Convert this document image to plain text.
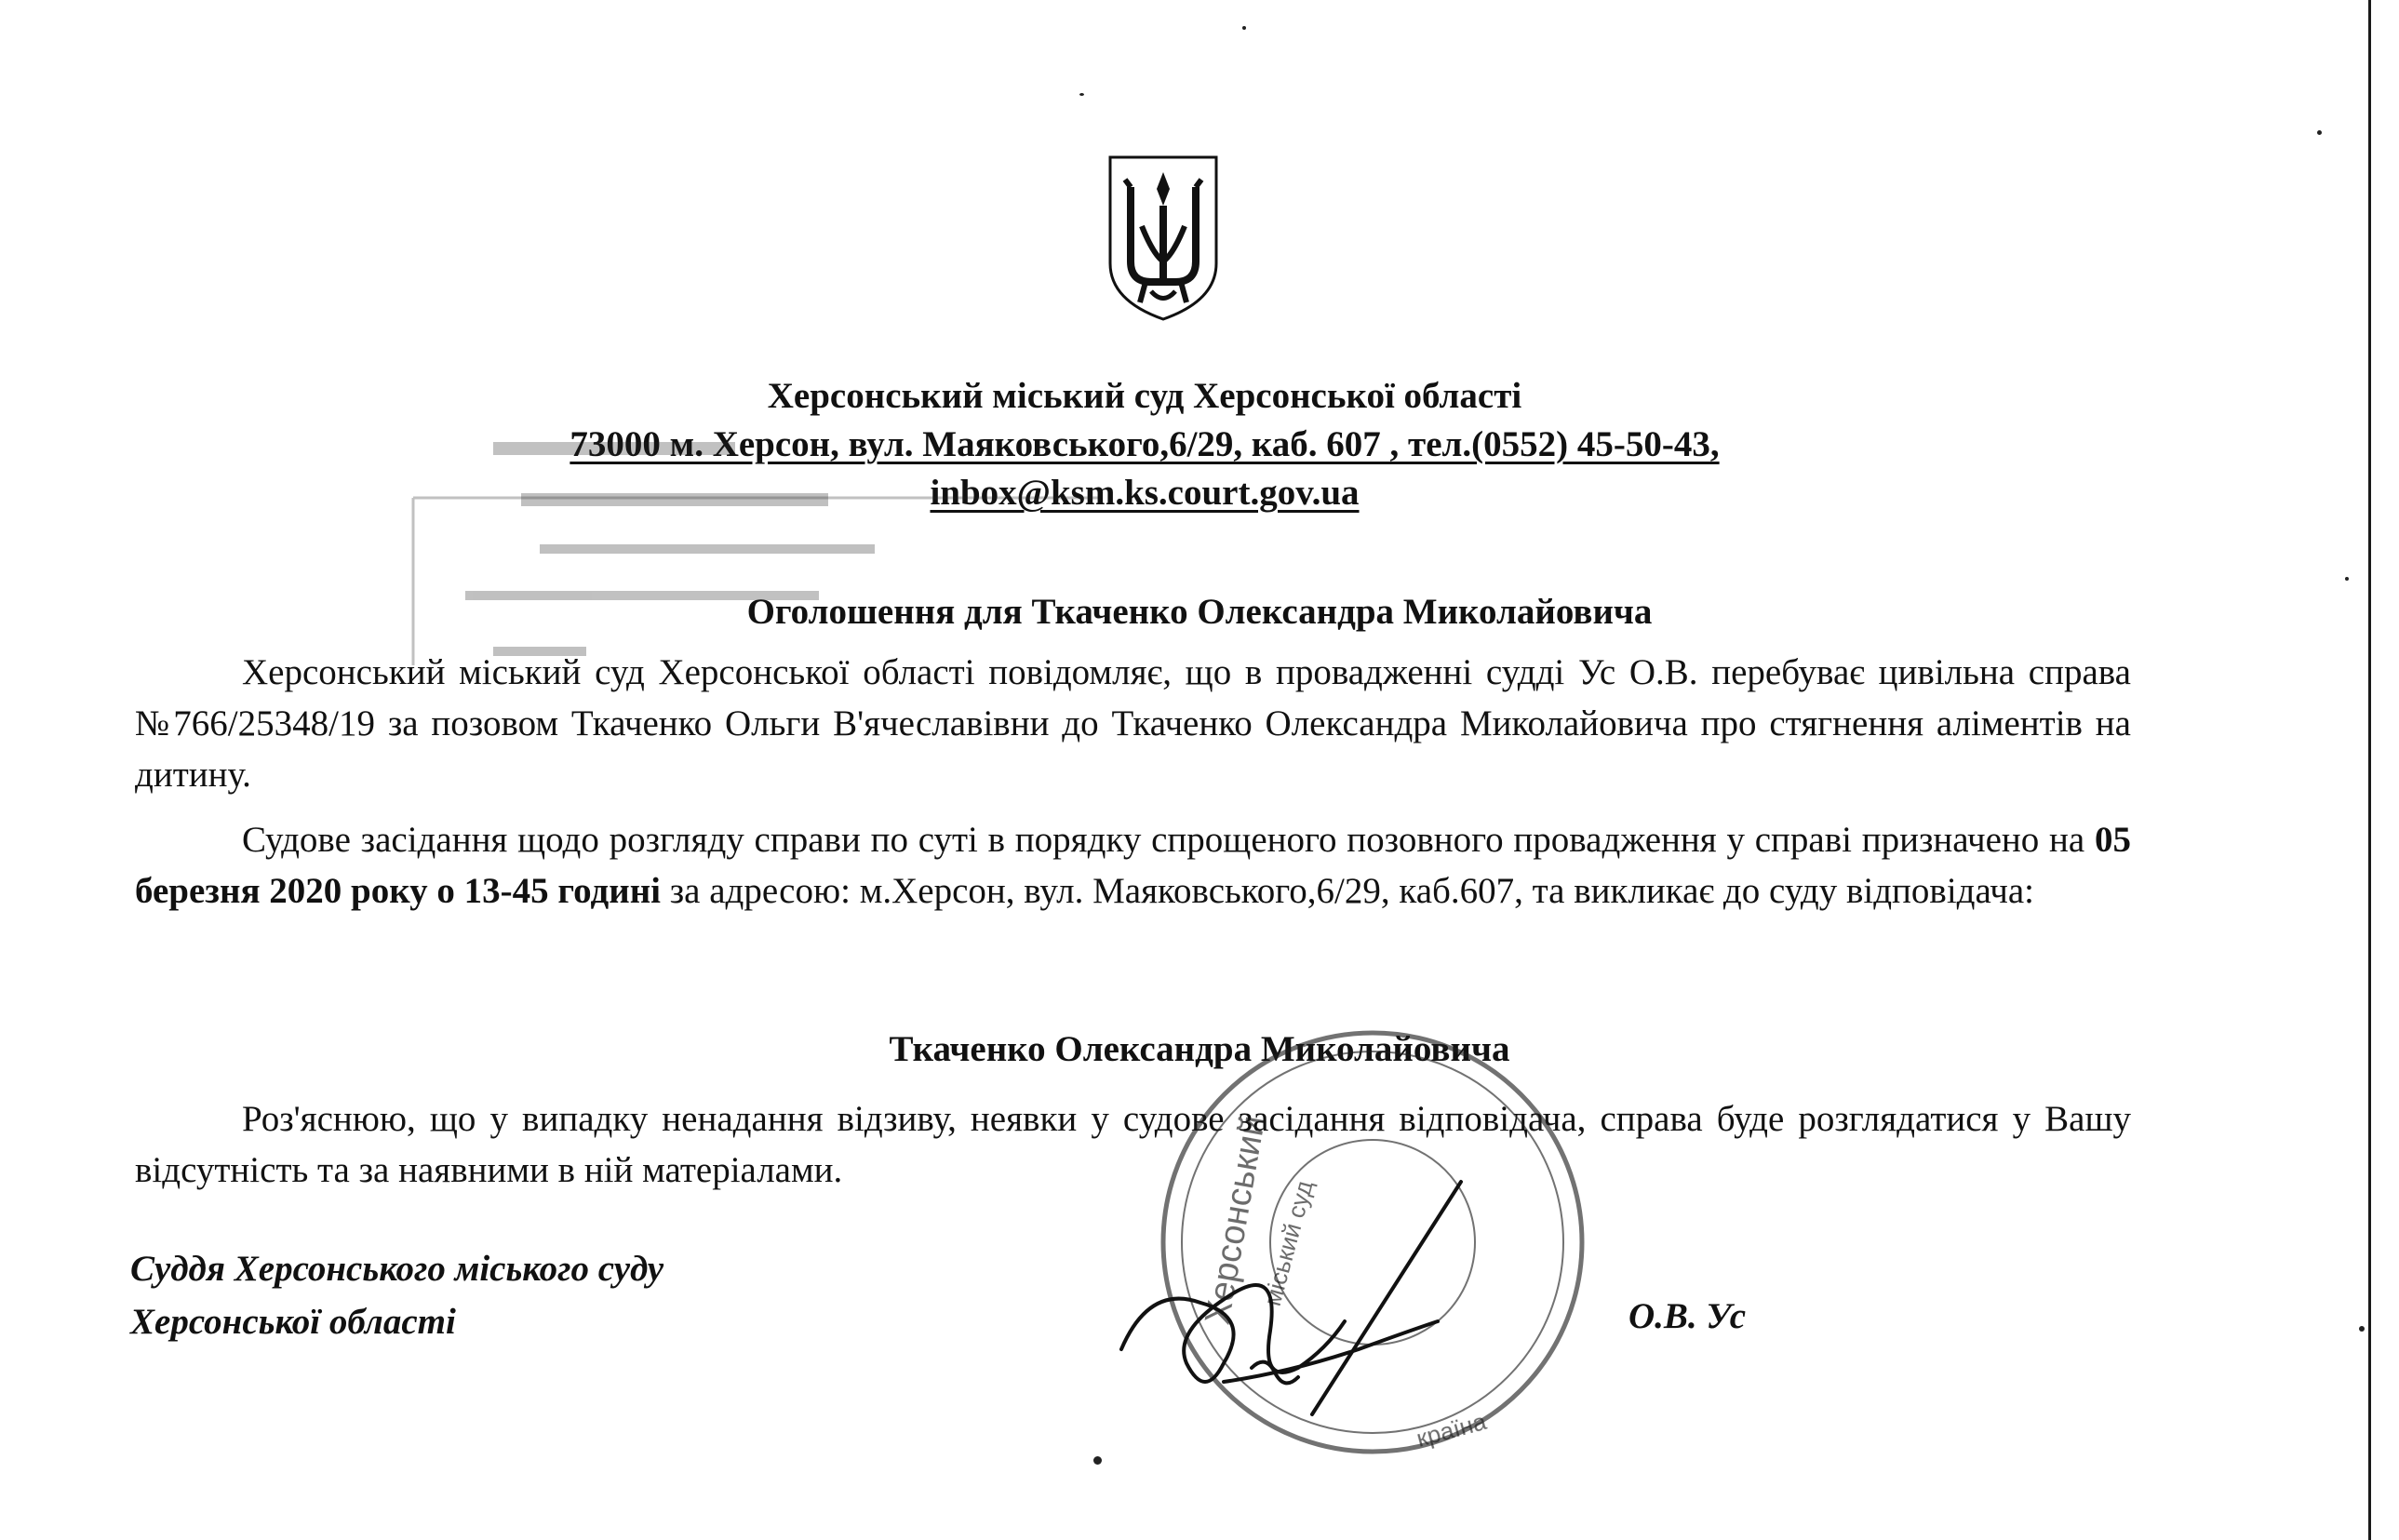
Херсонський міський суд Херсонської області
73000 м. Херсон, вул. Маяковського,6/29, каб. 607 , тел.(0552) 45-50-43,
inbox@ksm.ks.court.gov.ua
Оголошення для Ткаченко Олександра Миколайовича
Херсонський міський суд Херсонської області повідомляє, що в провадженні судді Ус О.В. перебуває цивільна справа №766/25348/19 за позовом Ткаченко Ольги В'ячеславівни до Ткаченко Олександра Миколайовича про стягнення аліментів на дитину.
Судове засідання щодо розгляду справи по суті в порядку спрощеного позовного провадження у справі призначено на 05 березня 2020 року о 13-45 годині за адресою: м.Херсон, вул. Маяковського,6/29, каб.607, та викликає до суду відповідача:
Ткаченко Олександра Миколайовича
Роз'яснюю, що у випадку ненадання відзиву, неявки у судове засідання відповідача, справа буде розглядатися у Вашу відсутність та за наявними в ній матеріалами.	Херсонський
міський суд
країна
Суддя Херсонського міського суду
Херсонської області	О.В. Ус
